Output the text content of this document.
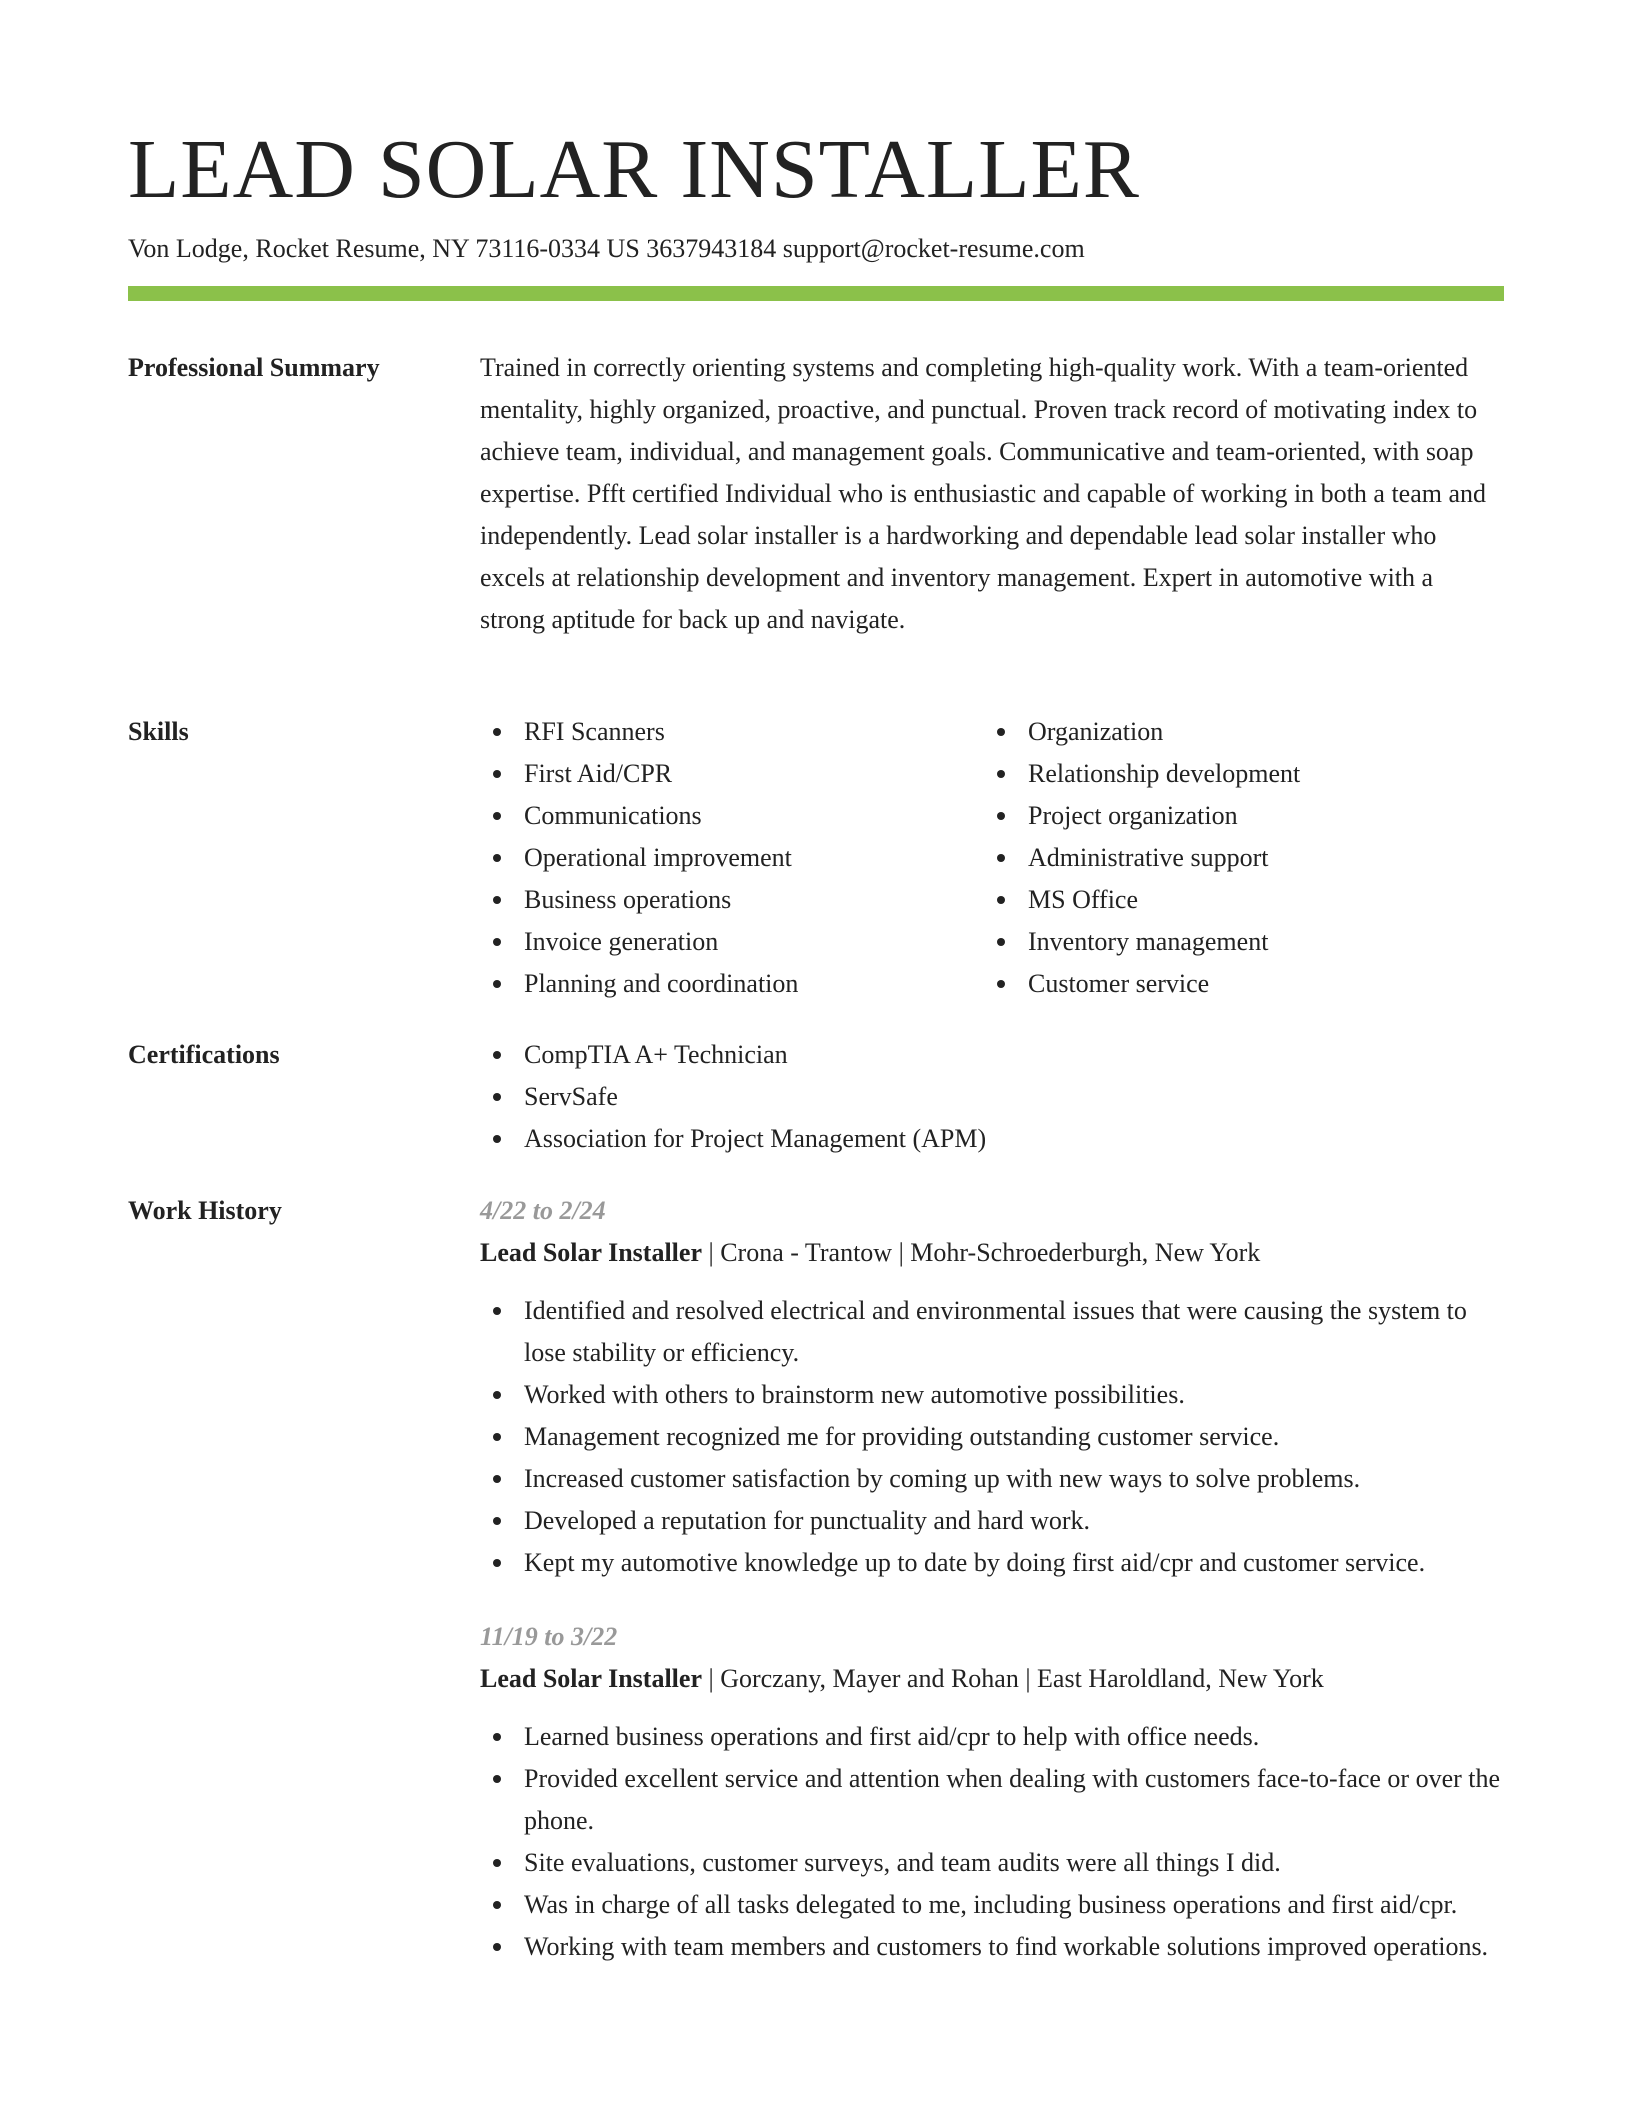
LEAD SOLAR INSTALLER
Von Lodge, Rocket Resume, NY 73116-0334 US 3637943184 support@rocket-resume.com
Professional Summary	Trained in correctly orienting systems and completing high-quality work. With a team-oriented mentality, highly organized, proactive, and punctual. Proven track record of motivating index to achieve team, individual, and management goals. Communicative and team-oriented, with soap expertise. Pfft certified Individual who is enthusiastic and capable of working in both a team and independently. Lead solar installer is a hardworking and dependable lead solar installer who excels at relationship development and inventory management. Expert in automotive with a strong aptitude for back up and navigate.
Skills	RFI Scanners
First Aid/CPR
Communications
Operational improvement
Business operations
Invoice generation
Planning and coordination
Organization
Relationship development
Project organization
Administrative support
MS Office
Inventory management
Customer service
Certifications	CompTIA A+ Technician
ServSafe
Association for Project Management (APM)
Work History	4/22 to 2/24
Lead Solar Installer | Crona - Trantow | Mohr-Schroederburgh, New York
Identified and resolved electrical and environmental issues that were causing the system to lose stability or efficiency.
Worked with others to brainstorm new automotive possibilities.
Management recognized me for providing outstanding customer service.
Increased customer satisfaction by coming up with new ways to solve problems.
Developed a reputation for punctuality and hard work.
Kept my automotive knowledge up to date by doing first aid/cpr and customer service.
11/19 to 3/22
Lead Solar Installer | Gorczany, Mayer and Rohan | East Haroldland, New York
Learned business operations and first aid/cpr to help with office needs.
Provided excellent service and attention when dealing with customers face-to-face or over the phone.
Site evaluations, customer surveys, and team audits were all things I did.
Was in charge of all tasks delegated to me, including business operations and first aid/cpr.
Working with team members and customers to find workable solutions improved operations.
